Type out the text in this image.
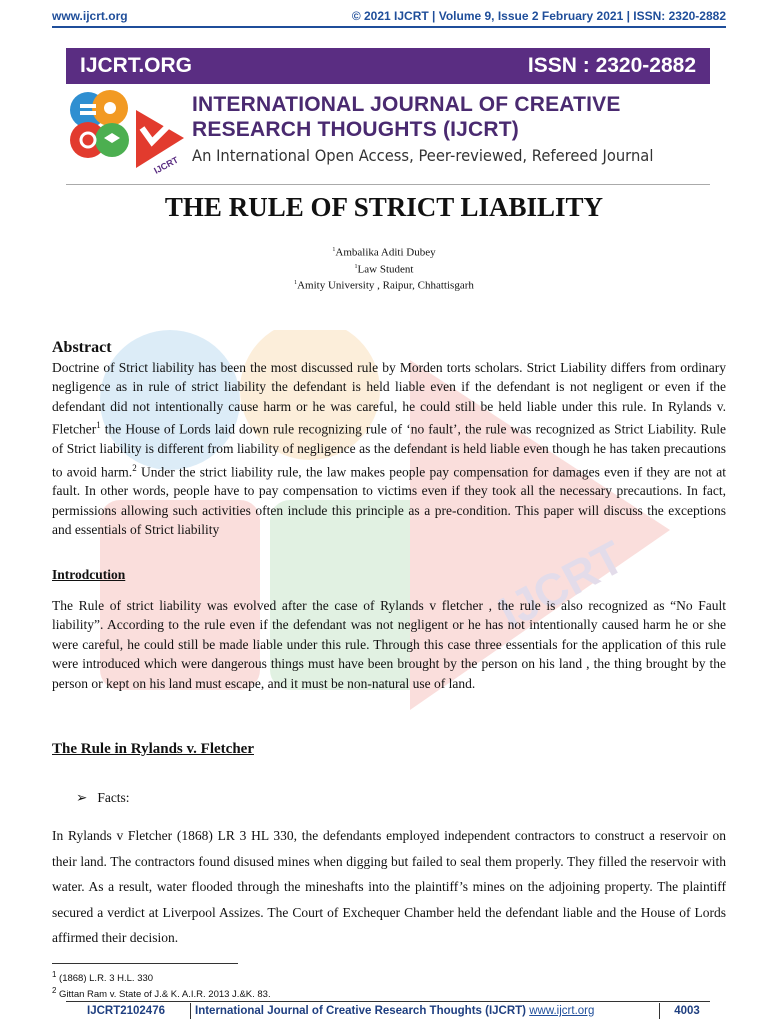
www.ijcrt.org	© 2021 IJCRT | Volume 9, Issue 2 February 2021 | ISSN: 2320-2882
IJCRT.ORG	ISSN : 2320-2882
IJCRT
INTERNATIONAL JOURNAL OF CREATIVE
RESEARCH THOUGHTS (IJCRT)
An International Open Access, Peer-reviewed, Refereed Journal
THE RULE OF STRICT LIABILITY
$^1$Ambalika Aditi Dubey
$^1$Law Student
$^1$Amity University , Raipur, Chhattisgarh
IJCRT
Abstract
Doctrine of Strict liability has been the most discussed rule by Morden torts scholars. Strict Liability differs from ordinary negligence as in rule of strict liability the defendant is held liable even if the defendant is not negligent or even if the defendant did not intentionally cause harm or he was careful, he could still be held liable under this rule. In Rylands v. Fletcher$^1$ the House of Lords laid down rule recognizing rule of ‘no fault’, the rule was recognized as Strict Liability. Rule of Strict liability is different from liability of negligence as the defendant is held liable even though he has taken precautions to avoid harm.$^2$ Under the strict liability rule, the law makes people pay compensation for damages even if they are not at fault. In other words, people have to pay compensation to victims even if they took all the necessary precautions. In fact, permissions allowing such activities often include this principle as a pre-condition. This paper will discuss the exceptions and essentials of Strict liability
Introdcution
The Rule of strict liability was evolved after the case of Rylands v fletcher , the rule is also recognized as “No Fault liability”. According to the rule even if the defendant was not negligent or he has not intentionally caused harm he or she were careful, he could still be made liable under this rule. Through this case three essentials for the application of this rule were introduced which were dangerous things must have been brought by the person on his land , the thing brought by the person or kept on his land must escape, and it must be non-natural use of land.
The Rule in Rylands v. Fletcher
➢ Facts:
In Rylands v Fletcher (1868) LR 3 HL 330, the defendants employed independent contractors to construct a reservoir on their land. The contractors found disused mines when digging but failed to seal them properly. They filled the reservoir with water. As a result, water flooded through the mineshafts into the plaintiff’s mines on the adjoining property. The plaintiff secured a verdict at Liverpool Assizes. The Court of Exchequer Chamber held the defendant liable and the House of Lords affirmed their decision.
$^1$ (1868) L.R. 3 H.L. 330
$^2$ Gittan Ram v. State of J.& K. A.I.R. 2013 J.&K. 83.
IJCRT2102476	International Journal of Creative Research Thoughts (IJCRT) www.ijcrt.org	4003
